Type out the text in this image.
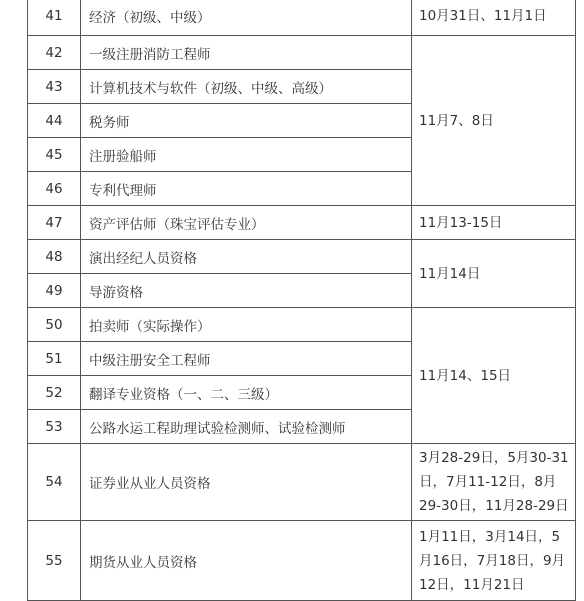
41	经济（初级、中级）	10月31日、11月1日
42	一级注册消防工程师	11月7、8日
43	计算机技术与软件（初级、中级、高级）	
44	税务师	
45	注册验船师	
46	专利代理师	
47	资产评估师（珠宝评估专业）	11月13-15日
48	演出经纪人员资格	11月14日
49	导游资格	
50	拍卖师（实际操作）	11月14、15日
51	中级注册安全工程师	
52	翻译专业资格（一、二、三级）	
53	公路水运工程助理试验检测师、试验检测师	
54	证券业从业人员资格	3月28-29日，5月30-31日，7月11-12日，8月29-30日，11月28-29日
55	期货从业人员资格	1月11日，3月14日，5月16日，7月18日，9月12日，11月21日
